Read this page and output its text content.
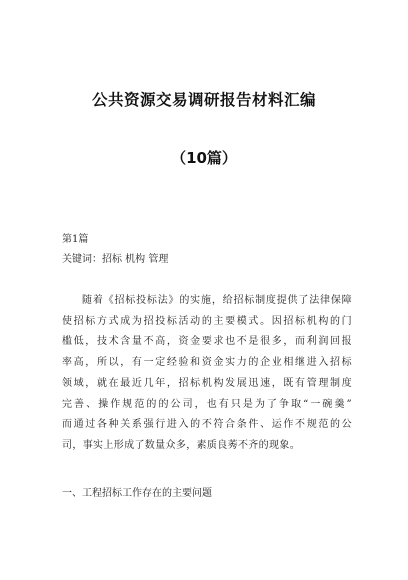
公共资源交易调研报告材料汇编
（10篇）
第1篇
关键词：招标 机构 管理
随着《招标投标法》的实施，给招标制度提供了法律保障
使招标方式成为招投标活动的主要模式。因招标机构的门
槛低，技术含量不高，资金要求也不是很多，而利润回报
率高，所以，有一定经验和资金实力的企业相继进入招标
领域，就在最近几年，招标机构发展迅速，既有管理制度
完善、操作规范的的公司，也有只是为了争取“一碗羹”
而通过各种关系强行进入的不符合条件、运作不规范的公
司，事实上形成了数量众多，素质良莠不齐的现象。
一、工程招标工作存在的主要问题
